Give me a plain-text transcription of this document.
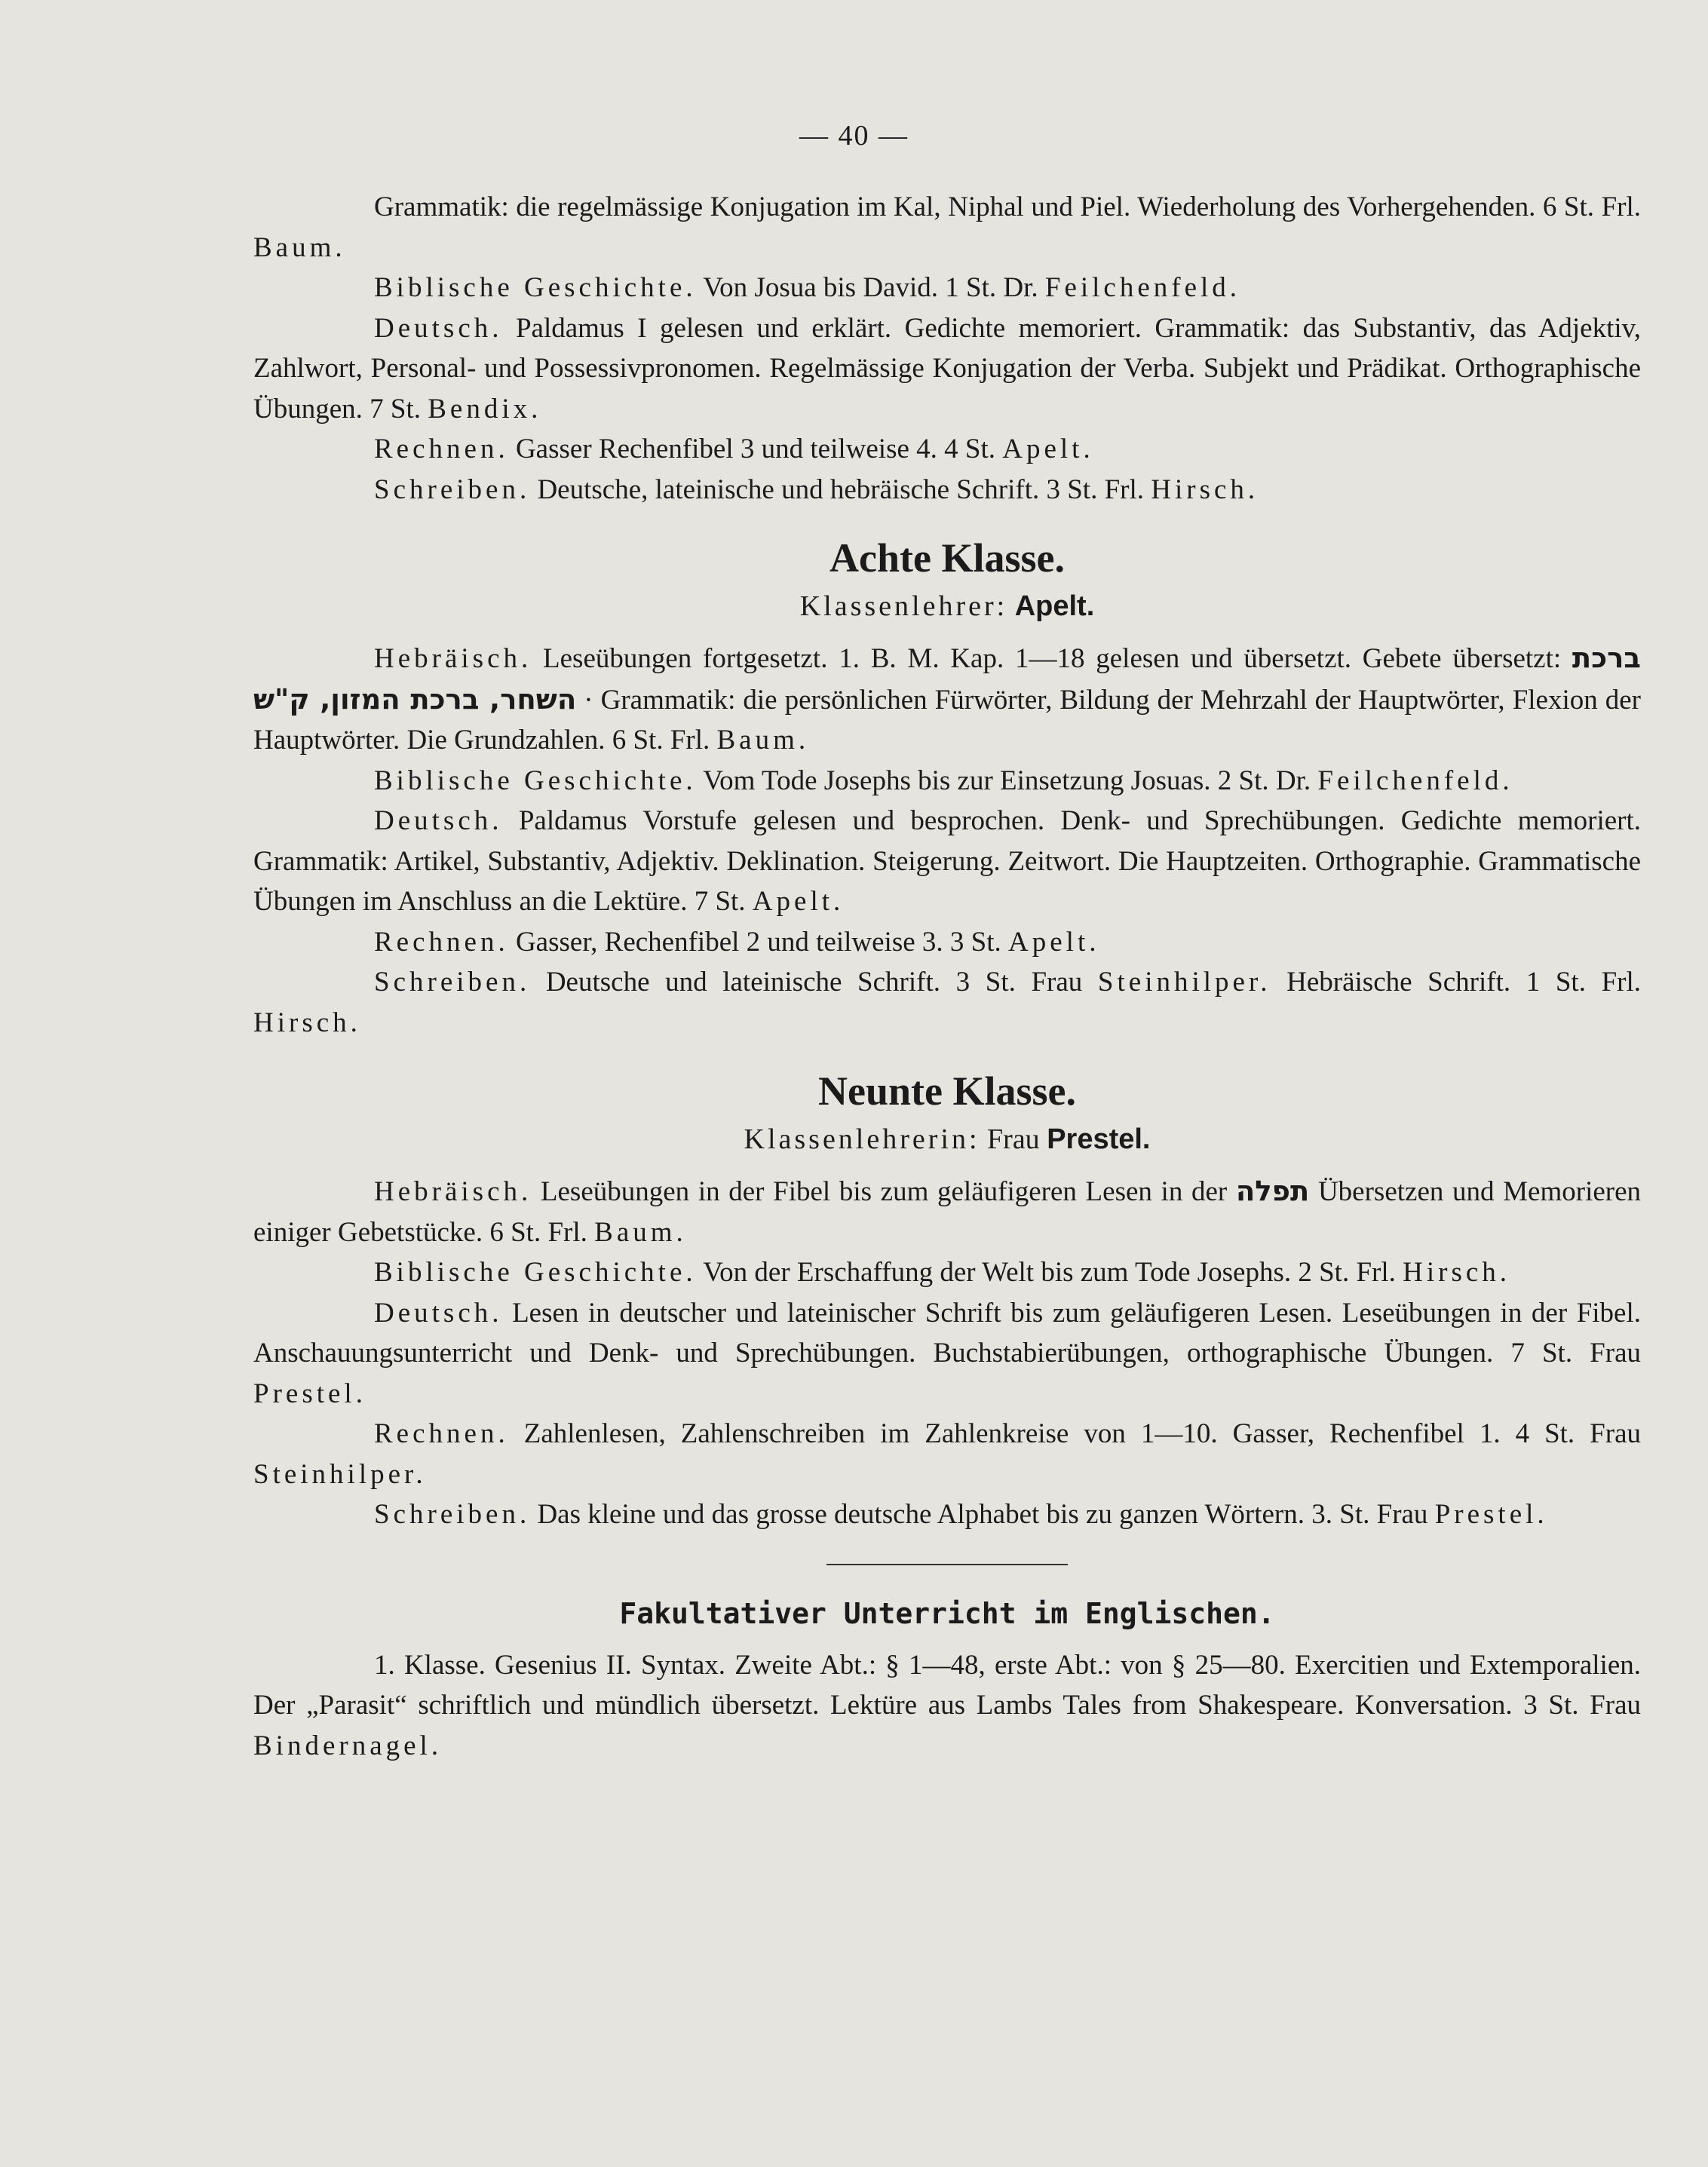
— 40 —

Grammatik: die regelmässige Konjugation im Kal, Niphal und Piel. Wiederholung des Vorhergehenden. 6 St. Frl. Baum.

Biblische Geschichte. Von Josua bis David. 1 St. Dr. Feilchenfeld.

Deutsch. Paldamus I gelesen und erklärt. Gedichte memoriert. Grammatik: das Substantiv, das Adjektiv, Zahlwort, Personal- und Possessivpronomen. Regelmässige Konjugation der Verba. Subjekt und Prädikat. Orthographische Übungen. 7 St. Bendix.

Rechnen. Gasser Rechenfibel 3 und teilweise 4. 4 St. Apelt.

Schreiben. Deutsche, lateinische und hebräische Schrift. 3 St. Frl. Hirsch.

Achte Klasse.
Klassenlehrer: Apelt.

Hebräisch. Leseübungen fortgesetzt. 1. B. M. Kap. 1—18 gelesen und übersetzt. Gebete übersetzt: ברכת השחר, ברכת המזון, ק"ש · Grammatik: die persönlichen Fürwörter, Bildung der Mehrzahl der Hauptwörter, Flexion der Hauptwörter. Die Grundzahlen. 6 St. Frl. Baum.

Biblische Geschichte. Vom Tode Josephs bis zur Einsetzung Josuas. 2 St. Dr. Feilchenfeld.

Deutsch. Paldamus Vorstufe gelesen und besprochen. Denk- und Sprechübungen. Gedichte memoriert. Grammatik: Artikel, Substantiv, Adjektiv. Deklination. Steigerung. Zeitwort. Die Hauptzeiten. Orthographie. Grammatische Übungen im Anschluss an die Lektüre. 7 St. Apelt.

Rechnen. Gasser, Rechenfibel 2 und teilweise 3. 3 St. Apelt.

Schreiben. Deutsche und lateinische Schrift. 3 St. Frau Steinhilper. Hebräische Schrift. 1 St. Frl. Hirsch.

Neunte Klasse.
Klassenlehrerin: Frau Prestel.

Hebräisch. Leseübungen in der Fibel bis zum geläufigeren Lesen in der תפלה Übersetzen und Memorieren einiger Gebetstücke. 6 St. Frl. Baum.

Biblische Geschichte. Von der Erschaffung der Welt bis zum Tode Josephs. 2 St. Frl. Hirsch.

Deutsch. Lesen in deutscher und lateinischer Schrift bis zum geläufigeren Lesen. Leseübungen in der Fibel. Anschauungsunterricht und Denk- und Sprechübungen. Buchstabierübungen, orthographische Übungen. 7 St. Frau Prestel.

Rechnen. Zahlenlesen, Zahlenschreiben im Zahlenkreise von 1—10. Gasser, Rechenfibel 1. 4 St. Frau Steinhilper.

Schreiben. Das kleine und das grosse deutsche Alphabet bis zu ganzen Wörtern. 3. St. Frau Prestel.

Fakultativer Unterricht im Englischen.

1. Klasse. Gesenius II. Syntax. Zweite Abt.: § 1—48, erste Abt.: von § 25—80. Exercitien und Extemporalien. Der „Parasit“ schriftlich und mündlich übersetzt. Lektüre aus Lambs Tales from Shakespeare. Konversation. 3 St. Frau Bindernagel.
